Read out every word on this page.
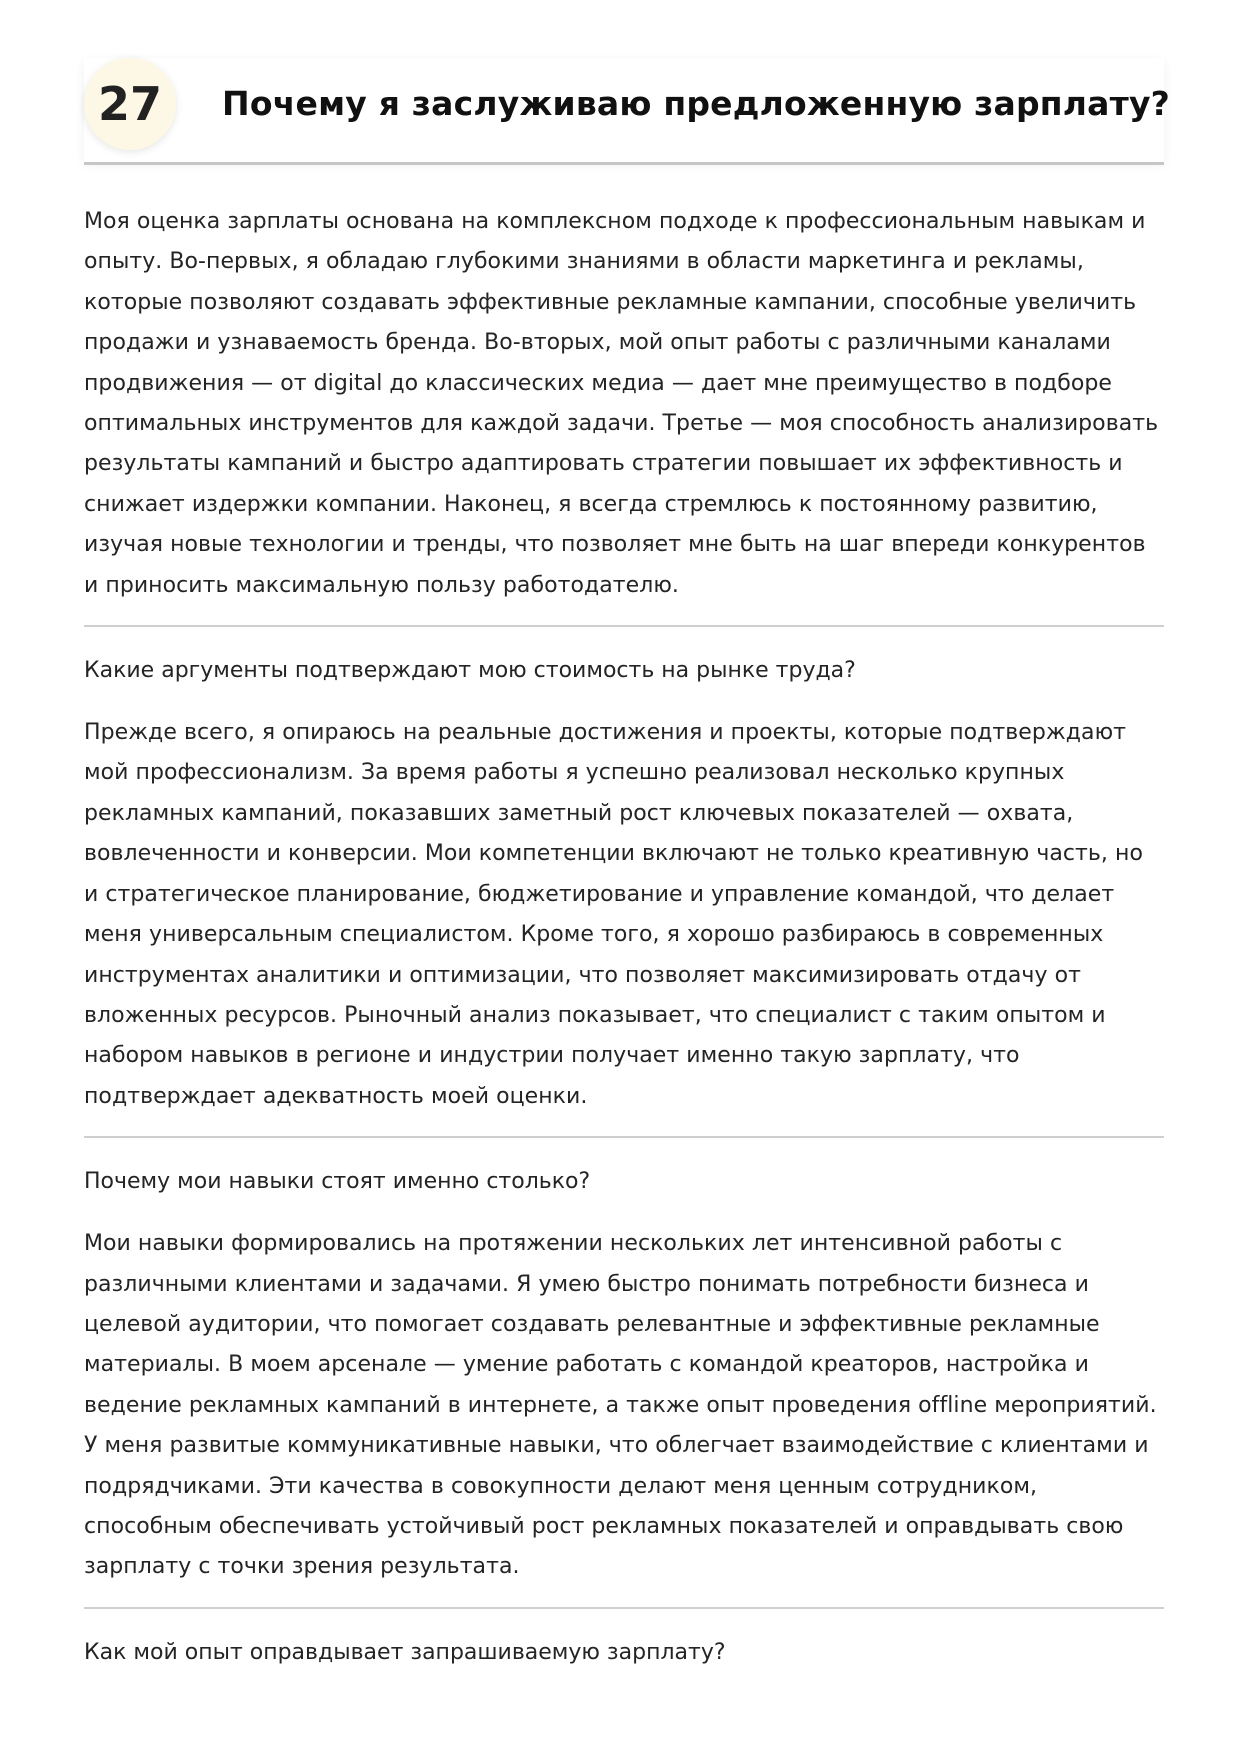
27	Почему я заслуживаю предложенную зарплату?

Моя оценка зарплаты основана на комплексном подходе к профессиональным навыкам и опыту. Во-первых, я обладаю глубокими знаниями в области маркетинга и рекламы, которые позволяют создавать эффективные рекламные кампании, способные увеличить продажи и узнаваемость бренда. Во-вторых, мой опыт работы с различными каналами продвижения — от digital до классических медиа — дает мне преимущество в подборе оптимальных инструментов для каждой задачи. Третье — моя способность анализировать результаты кампаний и быстро адаптировать стратегии повышает их эффективность и снижает издержки компании. Наконец, я всегда стремлюсь к постоянному развитию, изучая новые технологии и тренды, что позволяет мне быть на шаг впереди конкурентов и приносить максимальную пользу работодателю.

Какие аргументы подтверждают мою стоимость на рынке труда?

Прежде всего, я опираюсь на реальные достижения и проекты, которые подтверждают мой профессионализм. За время работы я успешно реализовал несколько крупных рекламных кампаний, показавших заметный рост ключевых показателей — охвата, вовлеченности и конверсии. Мои компетенции включают не только креативную часть, но и стратегическое планирование, бюджетирование и управление командой, что делает меня универсальным специалистом. Кроме того, я хорошо разбираюсь в современных инструментах аналитики и оптимизации, что позволяет максимизировать отдачу от вложенных ресурсов. Рыночный анализ показывает, что специалист с таким опытом и набором навыков в регионе и индустрии получает именно такую зарплату, что подтверждает адекватность моей оценки.

Почему мои навыки стоят именно столько?

Мои навыки формировались на протяжении нескольких лет интенсивной работы с различными клиентами и задачами. Я умею быстро понимать потребности бизнеса и целевой аудитории, что помогает создавать релевантные и эффективные рекламные материалы. В моем арсенале — умение работать с командой креаторов, настройка и ведение рекламных кампаний в интернете, а также опыт проведения offline мероприятий. У меня развитые коммуникативные навыки, что облегчает взаимодействие с клиентами и подрядчиками. Эти качества в совокупности делают меня ценным сотрудником, способным обеспечивать устойчивый рост рекламных показателей и оправдывать свою зарплату с точки зрения результата.

Как мой опыт оправдывает запрашиваемую зарплату?
